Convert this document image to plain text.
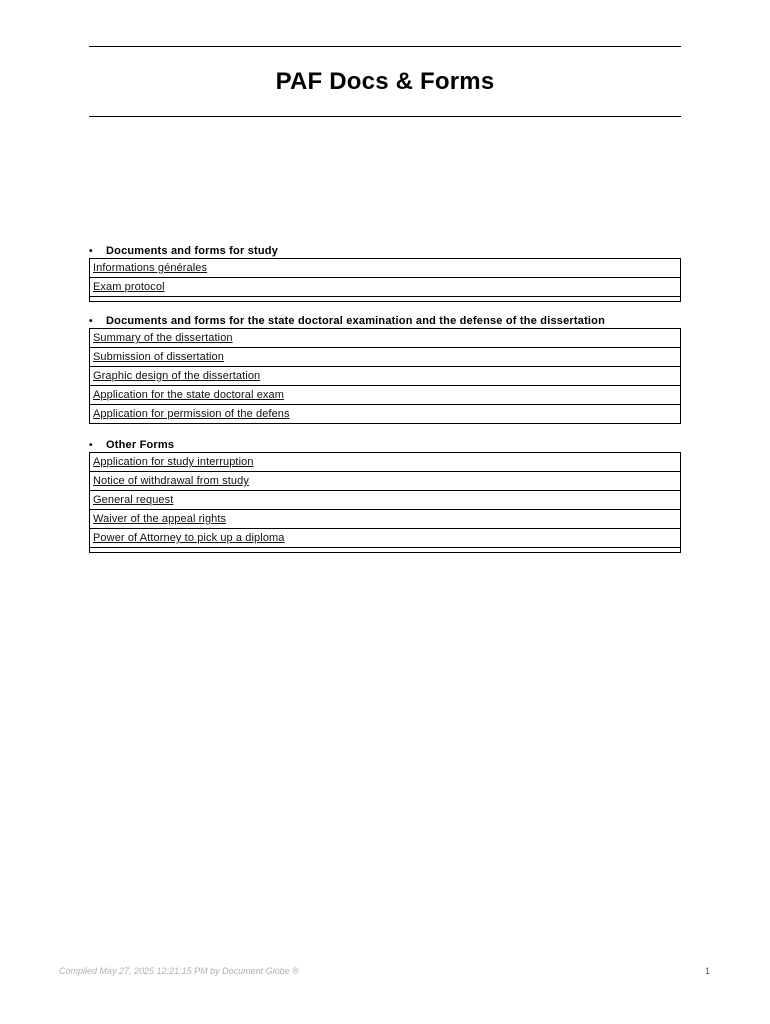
PAF Docs & Forms
•	Documents and forms for study
Informations générales
Exam protocol
•	Documents and forms for the state doctoral examination and the defense of the dissertation
Summary of the dissertation
Submission of dissertation
Graphic design of the dissertation
Application for the state doctoral exam
Application for permission of the defens
•	Other Forms
Application for study interruption
Notice of withdrawal from study
General request
Waiver of the appeal rights
Power of Attorney to pick up a diploma
Compiled May 27, 2025 12:21:15 PM by Document Globe ®	1
